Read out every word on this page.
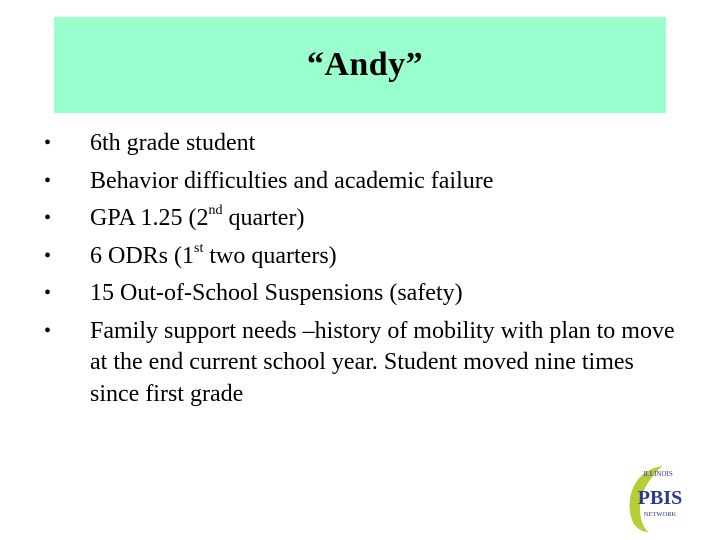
“Andy”
•	6th grade student
•	Behavior difficulties and academic failure
•	GPA 1.25 (2nd quarter)
•	6 ODRs (1st two quarters)
•	15 Out-of-School Suspensions (safety)
•	Family support needs –history of mobility with plan to move at the end current school year. Student moved nine times since first grade
ILLINOIS
PBIS
NETWORK
